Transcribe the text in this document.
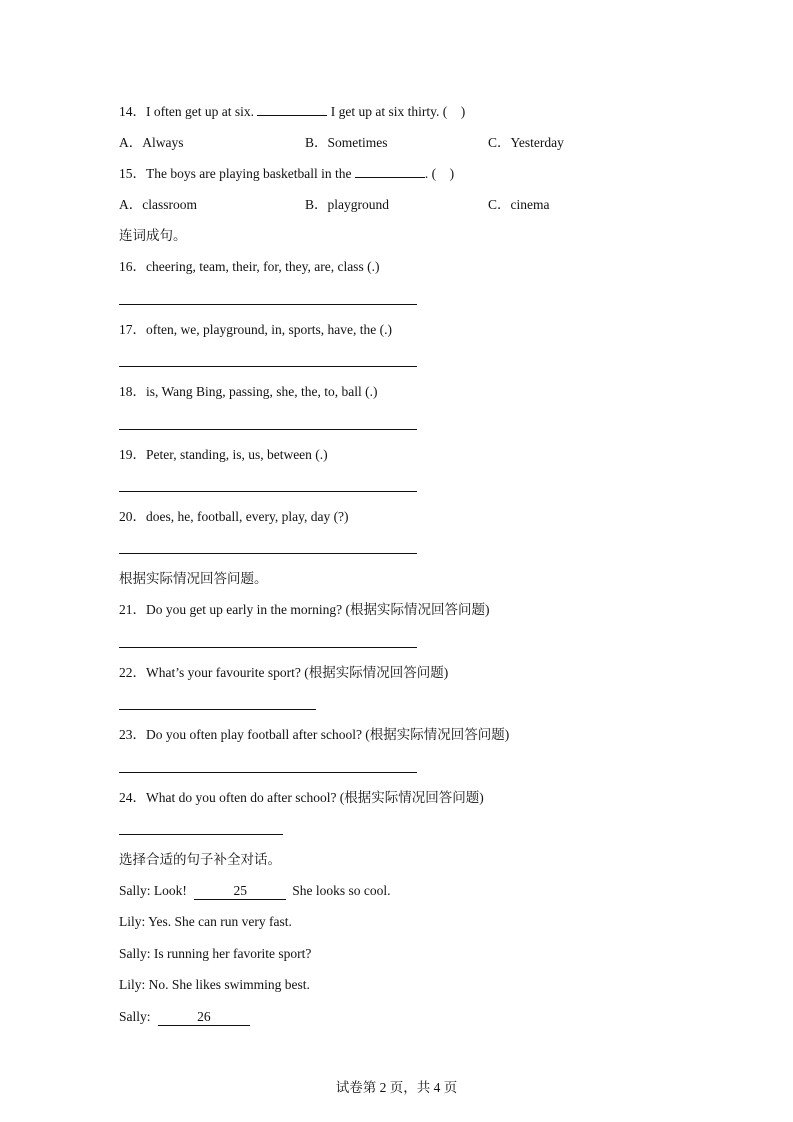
14．I often get up at six.	I get up at six thirty. (　)
A．Always	B．Sometimes	C．Yesterday
15．The boys are playing basketball in the	. (　)
A．classroom	B．playground	C．cinema
连词成句。
16．cheering, team, their, for, they, are, class (.)
17．often, we, playground, in, sports, have, the (.)
18．is, Wang Bing, passing, she, the, to, ball (.)
19．Peter, standing, is, us, between (.)
20．does, he, football, every, play, day (?)
根据实际情况回答问题。
21．Do you get up early in the morning? (根据实际情况回答问题)
22．What’s your favourite sport? (根据实际情况回答问题)
23．Do you often play football after school? (根据实际情况回答问题)
24．What do you often do after school? (根据实际情况回答问题)
选择合适的句子补全对话。
Sally: Look!	25	She looks so cool.
Lily: Yes. She can run very fast.
Sally: Is running her favorite sport?
Lily: No. She likes swimming best.
Sally:	26
试卷第 2 页，共 4 页
